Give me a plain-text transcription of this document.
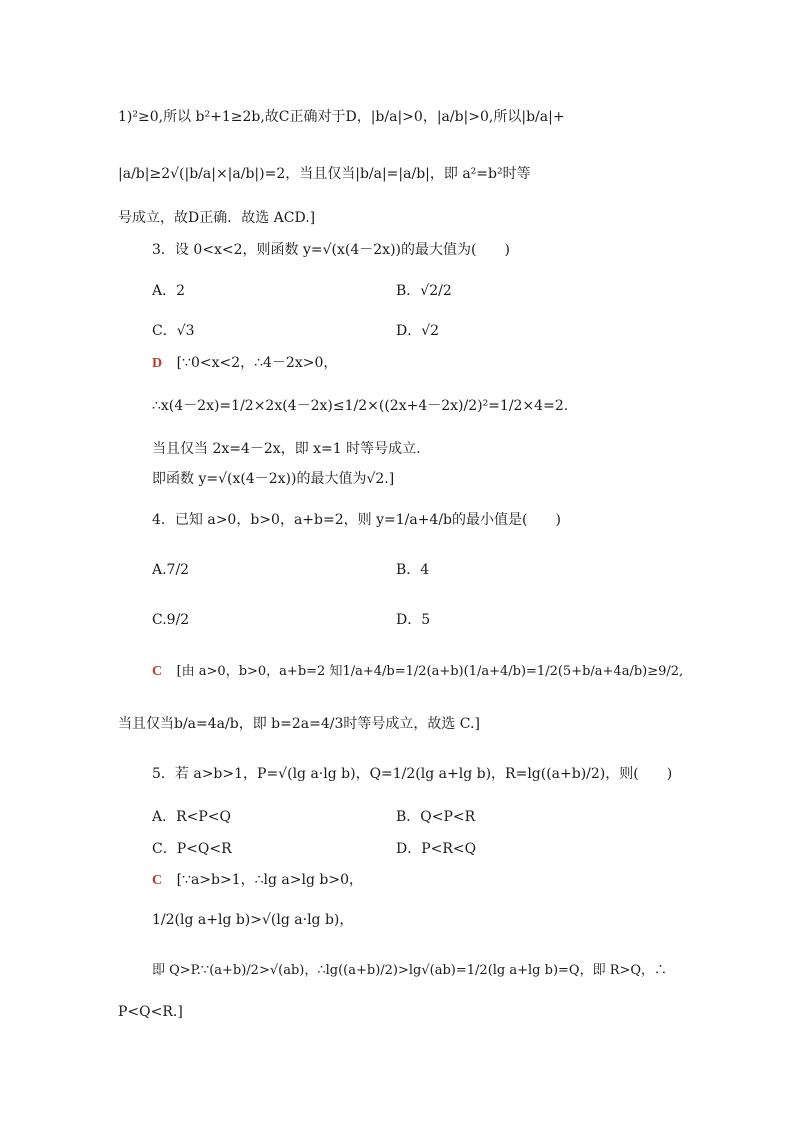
1)²≥0,所以 b²+1≥2b,故C正确对于D，|b/a|>0，|a/b|>0,所以|b/a|+
|a/b|≥2√(|b/a|×|a/b|)=2，当且仅当|b/a|=|a/b|，即 a²=b²时等
号成立，故D正确．故选 ACD.]
3．设 0<x<2，则函数 y=√(x(4－2x))的最大值为(　　)
A．2	B．√2/2
C．√3	D．√2
D [∵0<x<2，∴4－2x>0，
∴x(4－2x)=1/2×2x(4－2x)≤1/2×((2x+4－2x)/2)²=1/2×4=2.
当且仅当 2x=4－2x，即 x=1 时等号成立.
即函数 y=√(x(4－2x))的最大值为√2.]
4．已知 a>0，b>0，a+b=2，则 y=1/a+4/b的最小值是(　　)
A.7/2	B．4
C.9/2	D．5
C [由 a>0，b>0，a+b=2 知1/a+4/b=1/2(a+b)(1/a+4/b)=1/2(5+b/a+4a/b)≥9/2,
当且仅当b/a=4a/b，即 b=2a=4/3时等号成立，故选 C.]
5．若 a>b>1，P=√(lg a·lg b)，Q=1/2(lg a+lg b)，R=lg((a+b)/2)，则(　　)
A．R<P<Q	B．Q<P<R
C．P<Q<R	D．P<R<Q
C [∵a>b>1，∴lg a>lg b>0，
1/2(lg a+lg b)>√(lg a·lg b)，
即 Q>P.∵(a+b)/2>√(ab)，∴lg((a+b)/2)>lg√(ab)=1/2(lg a+lg b)=Q，即 R>Q，∴
P<Q<R.]
